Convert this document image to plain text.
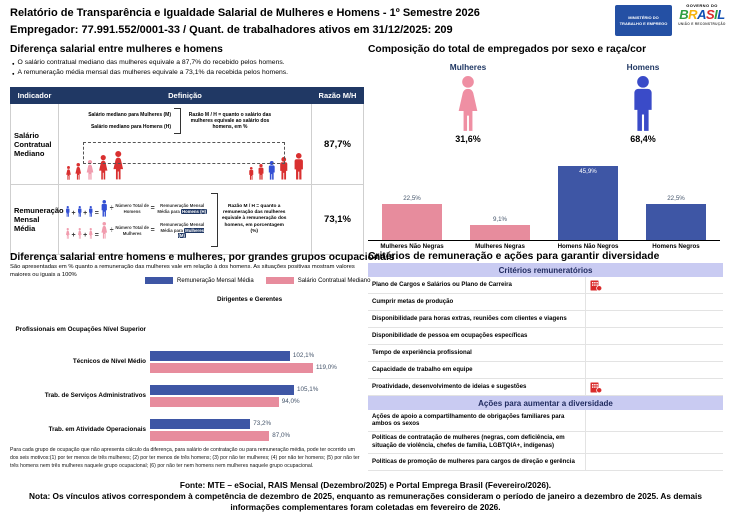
Relatório de Transparência e Igualdade Salarial de Mulheres e Homens - 1º Semestre 2026
Empregador: 77.991.552/0001-33 / Quant. de trabalhadores ativos em 31/12/2025: 209
MINISTÉRIO DO TRABALHO E EMPREGO
GOVERNO DO
BRASIL
UNIÃO E RECONSTRUÇÃO
Diferença salarial entre mulheres e homens
● O salário contratual mediano das mulheres equivale a 87,7% do recebido pelos homens.
● A remuneração média mensal das mulheres equivale a 73,1% da recebida pelos homens.
Indicador	Definição	Razão M/H
Salário Contratual Mediano	Salário mediano para Mulheres (M)
Salário mediano para Homens (H)
Razão M / H = quanto o salário das mulheres equivale ao salário dos homens, em %	87,7%
Remuneração Mensal Média	
+ + =
÷ Número Total de Homens	=	Remuneração Mensal Média para Homens (H)
+ + =
÷ Número Total de Mulheres	=
Remuneração Mensal Média para Mulheres (M)
Razão M / H = quanto a remuneração das mulheres equivale à remuneração dos homens, em porcentagem (%)
	73,1%
Diferença salarial entre homens e mulheres, por grandes grupos ocupacionais
São apresentadas em % quanto a remuneração das mulheres vale em relação à dos homens. As situações positivas mostram valores maiores ou iguais a 100%
Remuneração Mensal Média	Salário Contratual Mediano
Dirigentes e Gerentes
Profissionais em Ocupações Nível Superior
Técnicos de Nível Médio
102,1%
119,0%
Trab. de Serviços Administrativos
105,1%
94,0%
Trab. em Atividade Operacionais
73,2%
87,0%
Para cada grupo de ocupação que não apresenta cálculo da diferença, para salário de contratação ou para remuneração média, pode ter ocorrido um dos seis motivos:(1) por ter menos de três mulheres; (2) por ter menos de três homens; (3) por não ter mulheres; (4) por não ter homens; (5) por não ter três homens nem três mulheres naquele grupo ocupacional; (6) por não ter nem homens nem mulheres naquele grupo ocupacional.
Composição do total de empregados por sexo e raça/cor
Mulheres
31,6%
Homens
68,4%
22,5%
9,1%
45,9%
22,5%
Mulheres Não Negras	Mulheres Negras	Homens Não Negros	Homens Negros
Critérios de remuneração e ações para garantir diversidade
Critérios remuneratórios
Plano de Cargos e Salários ou Plano de Carreira
Cumprir metas de produção
Disponibilidade para horas extras, reuniões com clientes e viagens
Disponibilidade de pessoa em ocupações específicas
Tempo de experiência profissional
Capacidade de trabalho em equipe
Proatividade, desenvolvimento de ideias e sugestões
Ações para aumentar a diversidade
Ações de apoio a compartilhamento de obrigações familiares para ambos os sexos
Políticas de contratação de mulheres (negras, com deficiência, em situação de violência, chefes de família, LGBTQIA+, indígenas)
Políticas de promoção de mulheres para cargos de direção e gerência
Fonte: MTE – eSocial, RAIS Mensal (Dezembro/2025) e Portal Emprega Brasil (Fevereiro/2026).
Nota: Os vínculos ativos correspondem à competência de dezembro de 2025, enquanto as remunerações consideram o período de janeiro a dezembro de 2025. As demais informações complementares foram coletadas em fevereiro de 2026.
